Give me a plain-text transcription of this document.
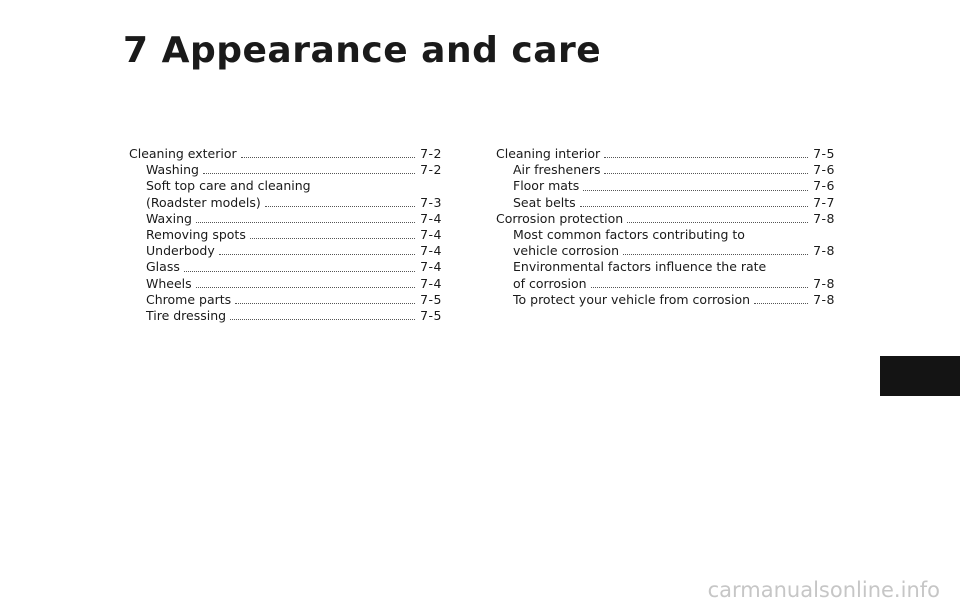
7 Appearance and care
Cleaning exterior	7-2
Washing	7-2
Soft top care and cleaning
(Roadster models)	7-3
Waxing	7-4
Removing spots	7-4
Underbody	7-4
Glass	7-4
Wheels	7-4
Chrome parts	7-5
Tire dressing	7-5
Cleaning interior	7-5
Air fresheners	7-6
Floor mats	7-6
Seat belts	7-7
Corrosion protection	7-8
Most common factors contributing to
vehicle corrosion	7-8
Environmental factors influence the rate
of corrosion	7-8
To protect your vehicle from corrosion	7-8
carmanualsonline.info
